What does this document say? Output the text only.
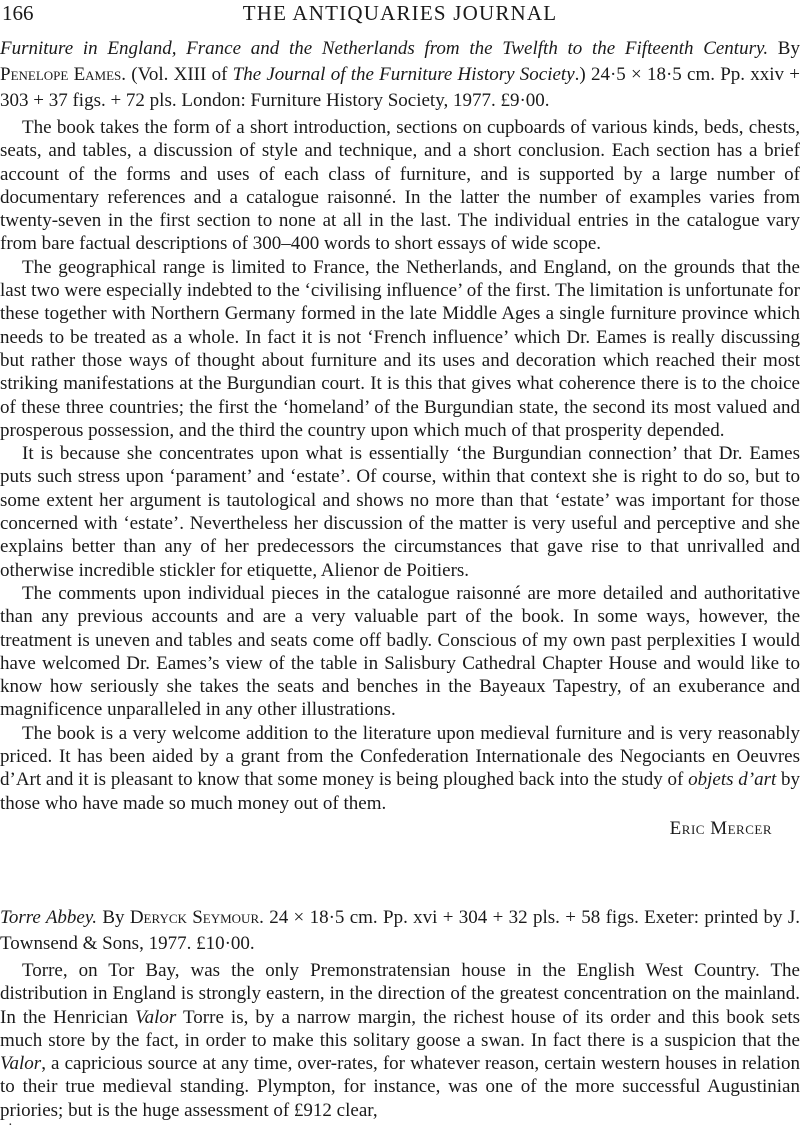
166	THE ANTIQUARIES JOURNAL

Furniture in England, France and the Netherlands from the Twelfth to the Fifteenth Century. By Penelope Eames. (Vol. XIII of The Journal of the Furniture History Society.) 24·5 × 18·5 cm. Pp. xxiv + 303 + 37 figs. + 72 pls. London: Furniture History Society, 1977. £9·00.

The book takes the form of a short introduction, sections on cupboards of various kinds, beds, chests, seats, and tables, a discussion of style and technique, and a short conclusion. Each section has a brief account of the forms and uses of each class of furniture, and is supported by a large number of documentary references and a catalogue raisonné. In the latter the number of examples varies from twenty-seven in the first section to none at all in the last. The individual entries in the catalogue vary from bare factual descriptions of 300–400 words to short essays of wide scope.

The geographical range is limited to France, the Netherlands, and England, on the grounds that the last two were especially indebted to the ‘civilising influence’ of the first. The limitation is unfortunate for these together with Northern Germany formed in the late Middle Ages a single furniture province which needs to be treated as a whole. In fact it is not ‘French influence’ which Dr. Eames is really discussing but rather those ways of thought about furniture and its uses and decoration which reached their most striking manifestations at the Burgundian court. It is this that gives what coherence there is to the choice of these three countries; the first the ‘homeland’ of the Burgundian state, the second its most valued and prosperous possession, and the third the country upon which much of that prosperity depended.

It is because she concentrates upon what is essentially ‘the Burgundian connection’ that Dr. Eames puts such stress upon ‘parament’ and ‘estate’. Of course, within that context she is right to do so, but to some extent her argument is tautological and shows no more than that ‘estate’ was important for those concerned with ‘estate’. Nevertheless her discussion of the matter is very useful and perceptive and she explains better than any of her predecessors the circumstances that gave rise to that unrivalled and otherwise incredible stickler for etiquette, Alienor de Poitiers.

The comments upon individual pieces in the catalogue raisonné are more detailed and authoritative than any previous accounts and are a very valuable part of the book. In some ways, however, the treatment is uneven and tables and seats come off badly. Conscious of my own past perplexities I would have welcomed Dr. Eames’s view of the table in Salisbury Cathedral Chapter House and would like to know how seriously she takes the seats and benches in the Bayeaux Tapestry, of an exuberance and magnificence unparalleled in any other illustrations.

The book is a very welcome addition to the literature upon medieval furniture and is very reasonably priced. It has been aided by a grant from the Confederation Internationale des Negociants en Oeuvres d’Art and it is pleasant to know that some money is being ploughed back into the study of objets d’art by those who have made so much money out of them.

Eric Mercer

Torre Abbey. By Deryck Seymour. 24 × 18·5 cm. Pp. xvi + 304 + 32 pls. + 58 figs. Exeter: printed by J. Townsend & Sons, 1977. £10·00.

Torre, on Tor Bay, was the only Premonstratensian house in the English West Country. The distribution in England is strongly eastern, in the direction of the greatest concentration on the mainland. In the Henrician Valor Torre is, by a narrow margin, the richest house of its order and this book sets much store by the fact, in order to make this solitary goose a swan. In fact there is a suspicion that the Valor, a capricious source at any time, over-rates, for whatever reason, certain western houses in relation to their true medieval standing. Plympton, for instance, was one of the more successful Augustinian priories; but is the huge assessment of £912 clear,

·
